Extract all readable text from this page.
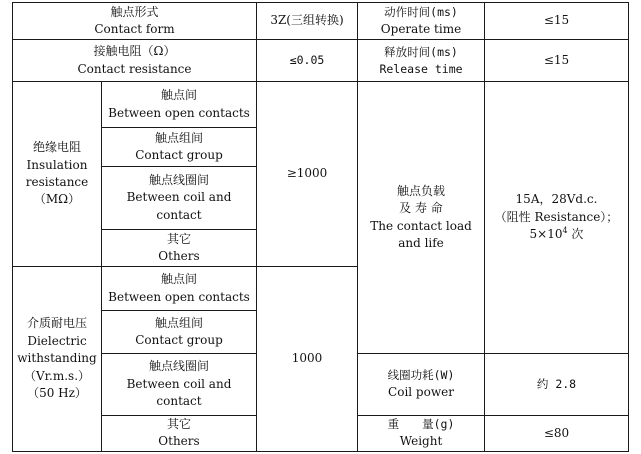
触点形式
Contact form		3Z(三组转换)	动作时间(ms)
Operate time	≤15	

接触电阻（Ω）
Contact resistance		≤0.05	释放时间(ms)
Release time	≤15	

绝缘电阻
Insulation
resistance
（MΩ）	触点间
Between open contacts	≥1000	触点负载
及 寿 命
The contact load
and life	15A，28Vd.c.
（阻性 Resistance）；
$5\times 10^4$ 次	

	触点组间
Contact group				

	触点线圈间
Between coil and
contact				

	其它
Others				

介质耐电压
Dielectric
withstanding
（Vr.m.s.）
（50 Hz）	触点间
Between open contacts	1000			

	触点组间
Contact group

	触点线圈间
Between coil and
contact		线圈功耗(W)
Coil power	约 2.8	

	其它
Others		重　　量(g)
Weight	≤80	
